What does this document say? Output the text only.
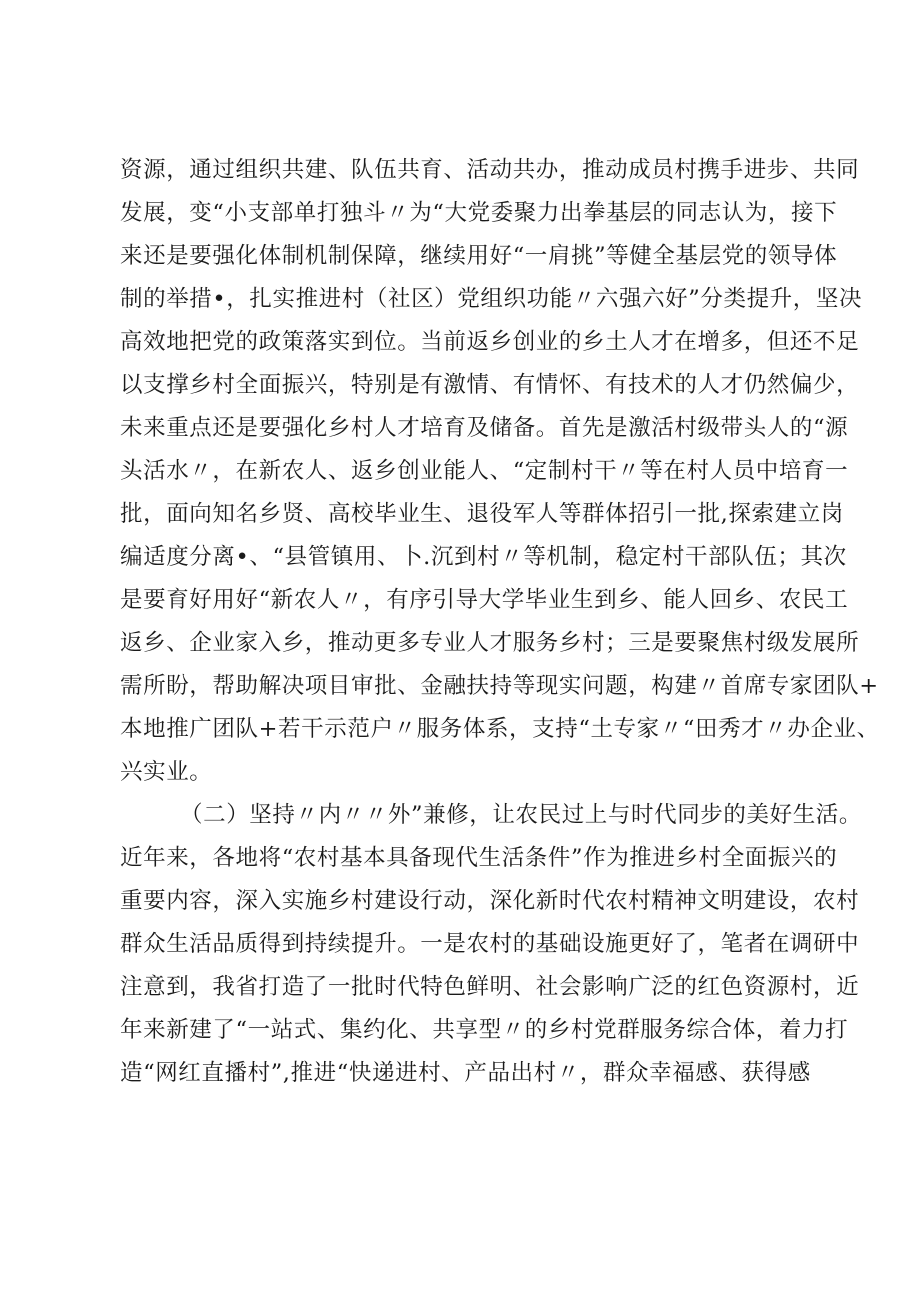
资源，通过组织共建、队伍共育、活动共办，推动成员村携手进步、共同
发展，变“小支部单打独斗〃为“大党委聚力出拳基层的同志认为，接下
来还是要强化体制机制保障，继续用好“一肩挑”等健全基层党的领导体
制的举措•，扎实推进村（社区）党组织功能〃六强六好”分类提升，坚决
高效地把党的政策落实到位。当前返乡创业的乡土人才在增多，但还不足
以支撑乡村全面振兴，特别是有激情、有情怀、有技术的人才仍然偏少，
未来重点还是要强化乡村人才培育及储备。首先是激活村级带头人的“源
头活水〃，在新农人、返乡创业能人、“定制村干〃等在村人员中培育一
批，面向知名乡贤、高校毕业生、退役军人等群体招引一批,探索建立岗
编适度分离•、“县管镇用、卜.沉到村〃等机制，稳定村干部队伍；其次
是要育好用好“新农人〃，有序引导大学毕业生到乡、能人回乡、农民工
返乡、企业家入乡，推动更多专业人才服务乡村；三是要聚焦村级发展所
需所盼，帮助解决项目审批、金融扶持等现实问题，构建〃首席专家团队+
本地推广团队+若干示范户〃服务体系，支持“土专家〃“田秀才〃办企业、
兴实业。
（二）坚持〃内〃〃外”兼修，让农民过上与时代同步的美好生活。
近年来，各地将“农村基本具备现代生活条件”作为推进乡村全面振兴的
重要内容，深入实施乡村建设行动，深化新时代农村精神文明建设，农村
群众生活品质得到持续提升。一是农村的基础设施更好了，笔者在调研中
注意到，我省打造了一批时代特色鲜明、社会影响广泛的红色资源村，近
年来新建了“一站式、集约化、共享型〃的乡村党群服务综合体，着力打
造“网红直播村”,推进“快递进村、产品出村〃，群众幸福感、获得感
